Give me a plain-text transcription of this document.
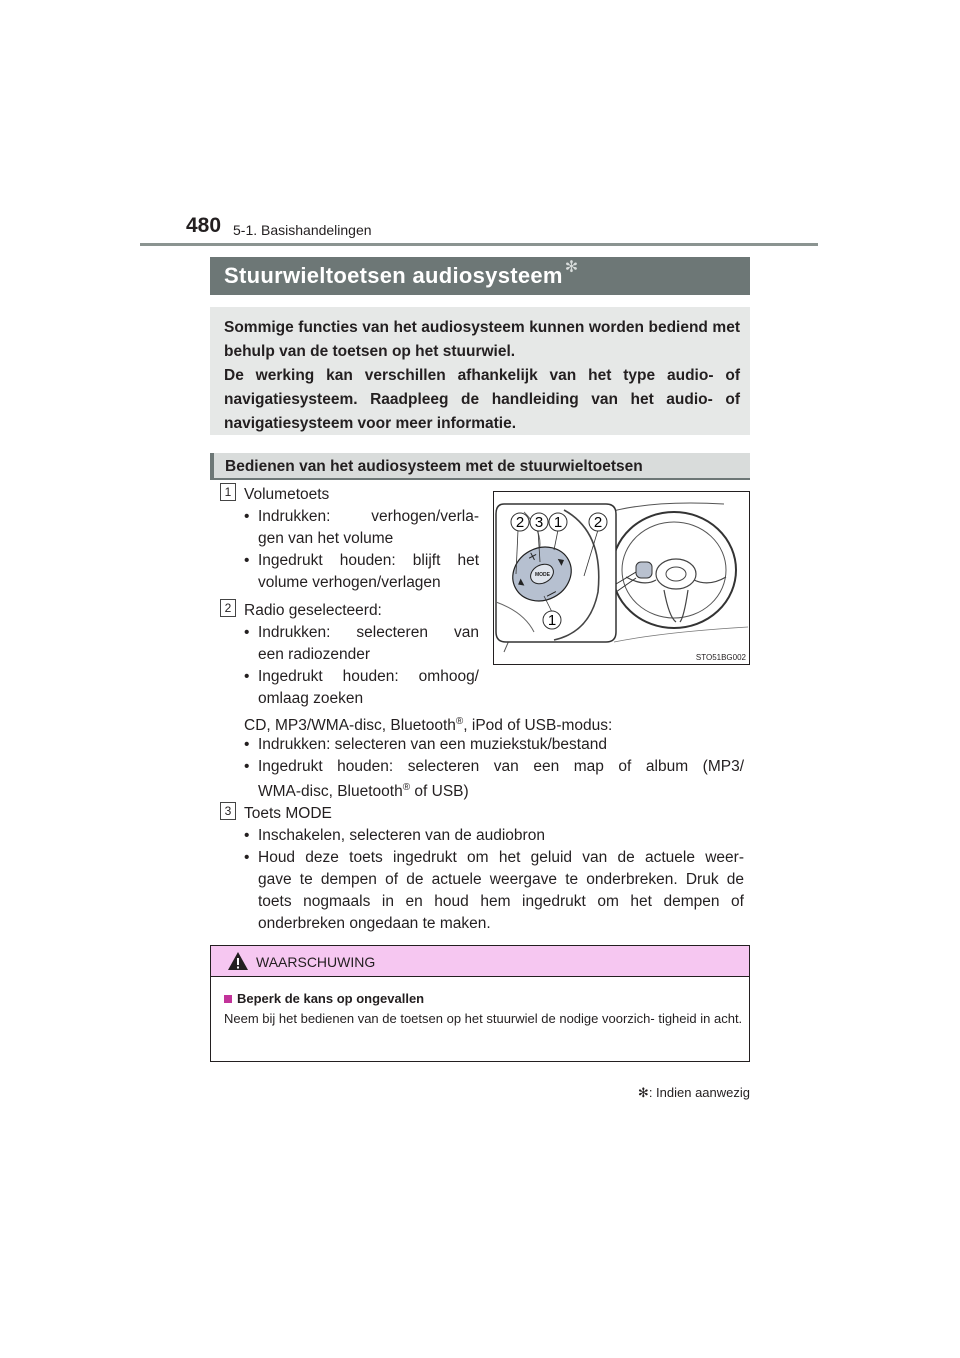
480 5-1. Basishandelingen
Stuurwieltoetsen audiosysteem ✻

Sommige functies van het audiosysteem kunnen worden bediend met behulp van de toetsen op het stuurwiel.

De werking kan verschillen afhankelijk van het type audio- of navigatiesysteem. Raadpleeg de handleiding van het audio- of navigatiesysteem voor meer informatie.

Bedienen van het audiosysteem met de stuurwieltoetsen
1 Volumetoets
• Indrukken: verhogen/verla-
gen van het volume
• Ingedrukt houden: blijft het
volume verhogen/verlagen
2 Radio geselecteerd:
• Indrukken: selecteren van
een radiozender
• Ingedrukt houden: omhoog/
omlaag zoeken
CD, MP3/WMA-disc, Bluetooth®, iPod of USB-modus:
• Indrukken: selecteren van een muziekstuk/bestand
• Ingedrukt houden: selecteren van een map of album (MP3/
WMA-disc, Bluetooth® of USB)
3 Toets MODE
• Inschakelen, selecteren van de audiobron
• Houd deze toets ingedrukt om het geluid van de actuele weer-
gave te dempen of de actuele weergave te onderbreken. Druk de
toets nogmaals in en houd hem ingedrukt om het dempen of
onderbreken ongedaan te maken.
MODE
2 3 1 2
1
STO51BG002
WAARSCHUWING
Beperk de kans op ongevallen
Neem bij het bedienen van de toetsen op het stuurwiel de nodige voorzich- tigheid in acht.
✻: Indien aanwezig
